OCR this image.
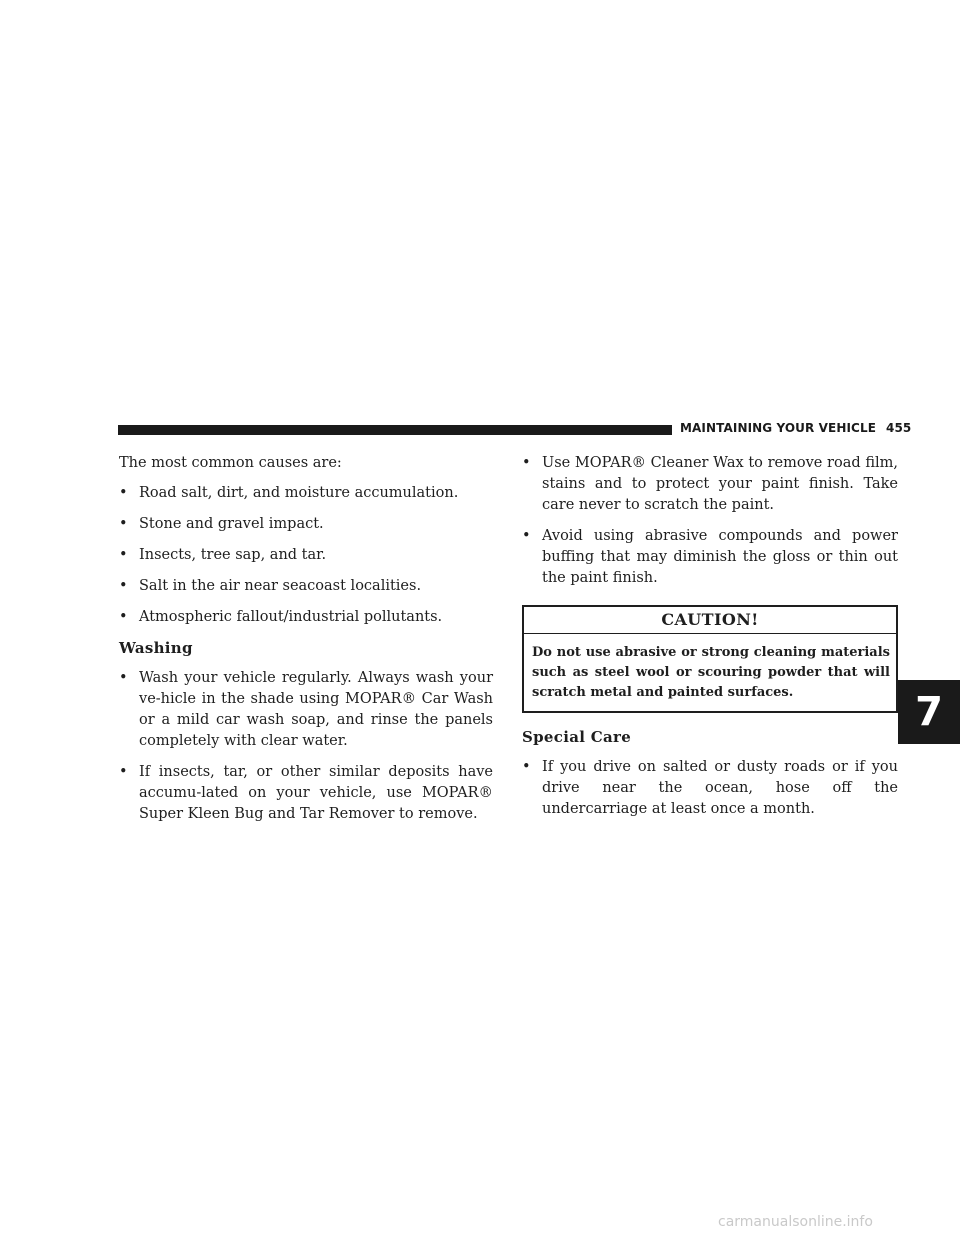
MAINTAINING YOUR VEHICLE 455

The most common causes are:

• Road salt, dirt, and moisture accumulation.
• Stone and gravel impact.
• Insects, tree sap, and tar.
• Salt in the air near seacoast localities.
• Atmospheric fallout/industrial pollutants.
Washing
• Wash your vehicle regularly. Always wash your ve-hicle in the shade using MOPAR® Car Wash or a mild car wash soap, and rinse the panels completely with clear water.
• If insects, tar, or other similar deposits have accumu-lated on your vehicle, use MOPAR® Super Kleen Bug and Tar Remover to remove.
• Use MOPAR® Cleaner Wax to remove road film, stains and to protect your paint finish. Take care never to scratch the paint.
• Avoid using abrasive compounds and power buffing that may diminish the gloss or thin out the paint finish.
CAUTION!
Do not use abrasive or strong cleaning materials such as steel wool or scouring powder that will scratch metal and painted surfaces.
Special Care
• If you drive on salted or dusty roads or if you drive near the ocean, hose off the undercarriage at least once a month.
7
carmanualsonline.info
